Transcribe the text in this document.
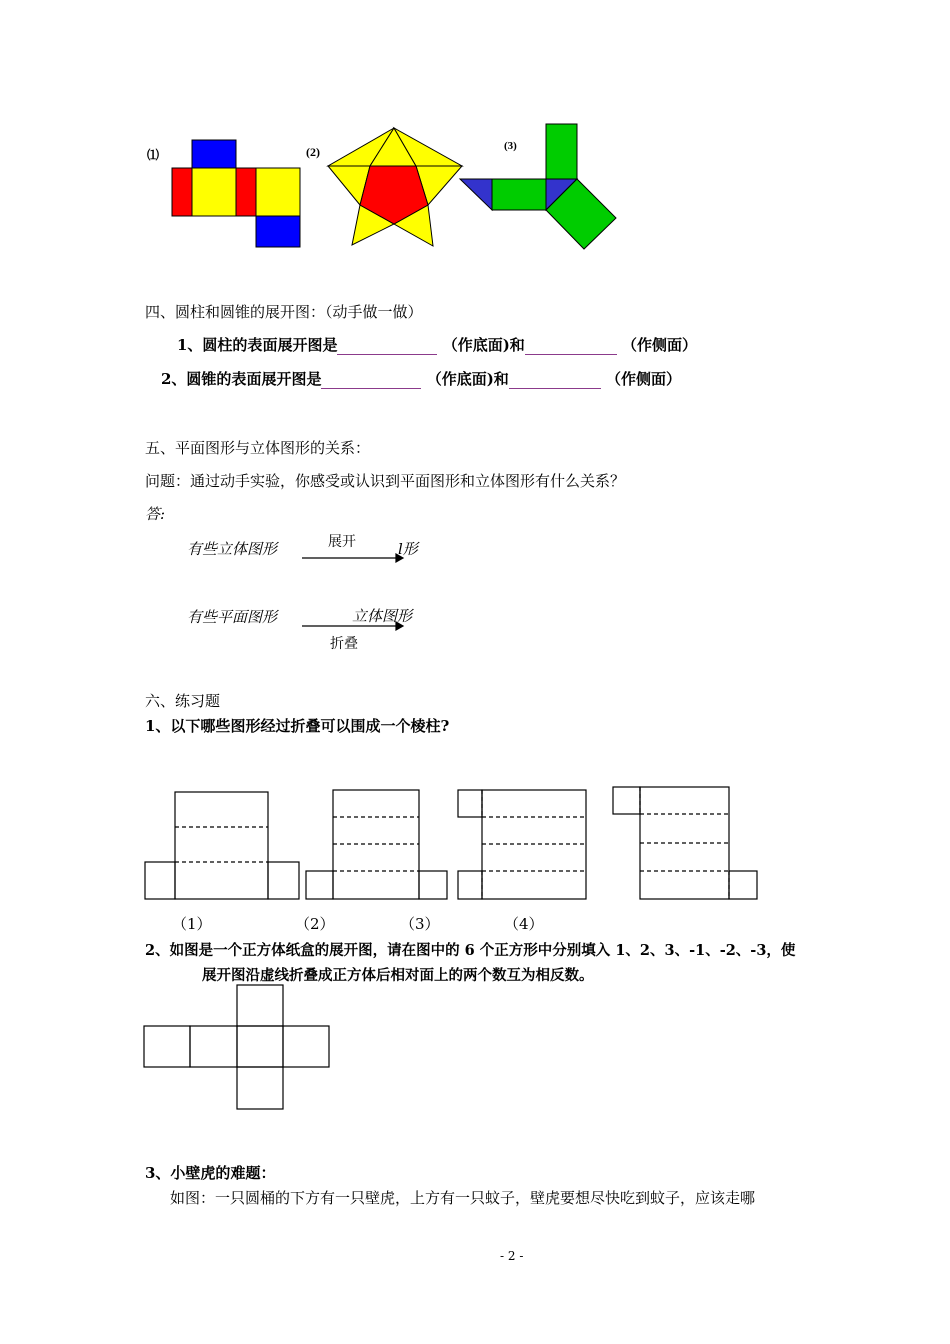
⑴	(2)	(3)
四、圆柱和圆锥的展开图：（动手做一做）
1、圆柱的表面展开图是	（作底面)和	（作侧面）
2、圆锥的表面展开图是	（作底面)和	（作侧面）
五、平面图形与立体图形的关系：
问题：通过动手实验，你感受或认识到平面图形和立体图形有什么关系？
答:
有些立体图形	展开	l形
有些平面图形	立体图形
折叠
六、练习题
1、以下哪些图形经过折叠可以围成一个棱柱?
（1）	（2）	（3）	（4）
2、如图是一个正方体纸盒的展开图，请在图中的 6 个正方形中分别填入 1、2、3、-1、-2、-3，使
展开图沿虚线折叠成正方体后相对面上的两个数互为相反数。
3、小壁虎的难题：
如图：一只圆桶的下方有一只壁虎，上方有一只蚊子，壁虎要想尽快吃到蚊子，应该走哪
- 2 -
